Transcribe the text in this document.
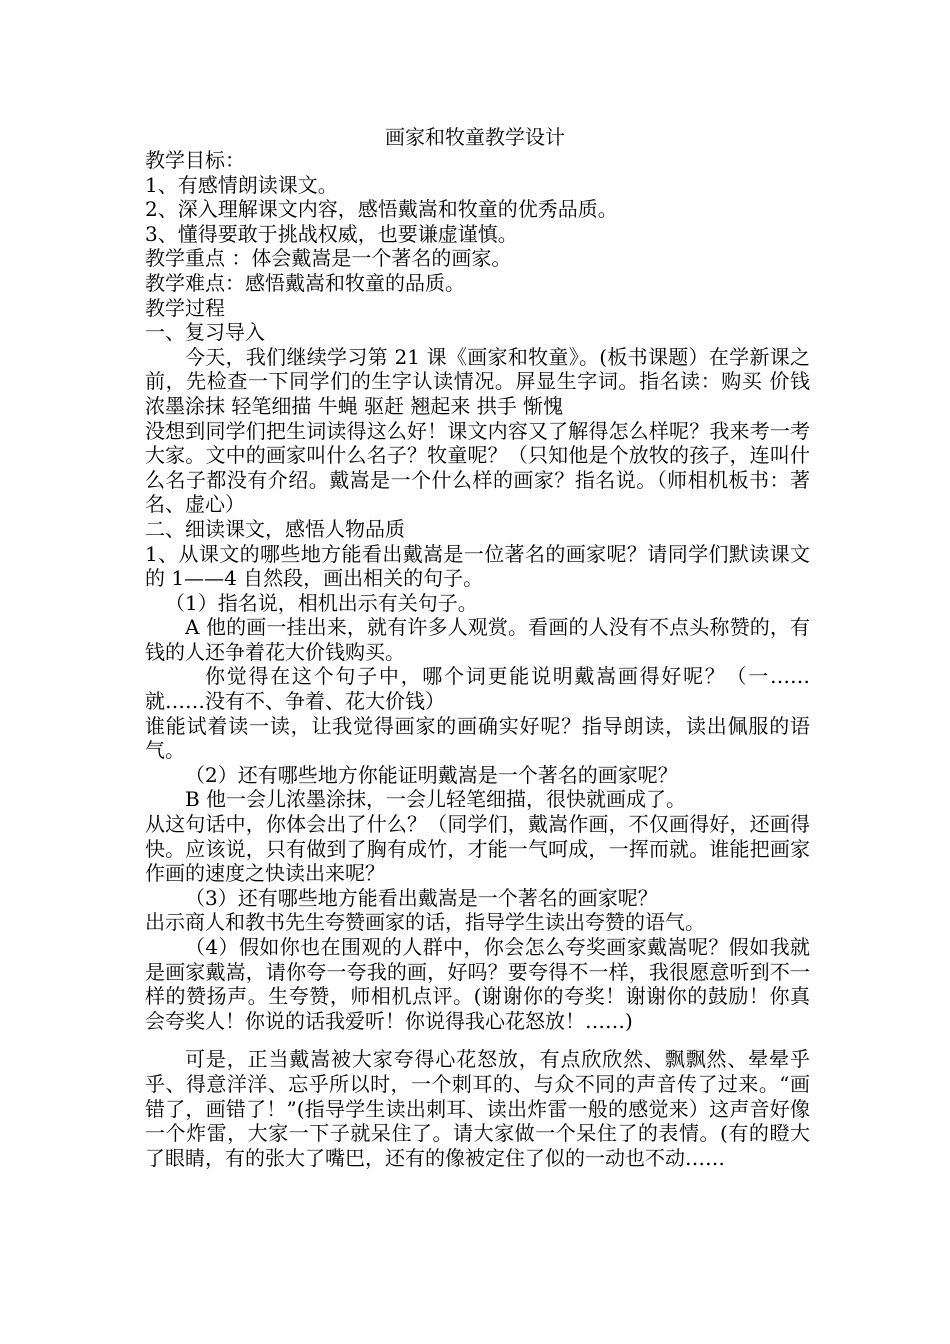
画家和牧童教学设计

教学目标：

1、有感情朗读课文。

2、深入理解课文内容，感悟戴嵩和牧童的优秀品质。

3、懂得要敢于挑战权威，也要谦虚谨慎。

教学重点 ：体会戴嵩是一个著名的画家。

教学难点：感悟戴嵩和牧童的品质。

教学过程

一、复习导入

今天，我们继续学习第 21 课《画家和牧童》。(板书课题）在学新课之前，先检查一下同学们的生字认读情况。屏显生字词。指名读：购买 价钱 浓墨涂抹 轻笔细描 牛蝇 驱赶 翘起来 拱手 惭愧

没想到同学们把生词读得这么好！课文内容又了解得怎么样呢？我来考一考大家。文中的画家叫什么名子？牧童呢？（只知他是个放牧的孩子，连叫什么名子都没有介绍。戴嵩是一个什么样的画家？指名说。（师相机板书：著名、虚心）

二、细读课文，感悟人物品质

1、从课文的哪些地方能看出戴嵩是一位著名的画家呢？请同学们默读课文的 1——4 自然段，画出相关的句子。

（1）指名说，相机出示有关句子。

A 他的画一挂出来，就有许多人观赏。看画的人没有不点头称赞的，有钱的人还争着花大价钱购买。

你觉得在这个句子中，哪个词更能说明戴嵩画得好呢？（一……就……没有不、争着、花大价钱）

谁能试着读一读，让我觉得画家的画确实好呢？指导朗读，读出佩服的语气。

（2）还有哪些地方你能证明戴嵩是一个著名的画家呢？

B 他一会儿浓墨涂抹，一会儿轻笔细描，很快就画成了。

从这句话中，你体会出了什么？（同学们，戴嵩作画，不仅画得好，还画得快。应该说，只有做到了胸有成竹，才能一气呵成，一挥而就。谁能把画家作画的速度之快读出来呢？

（3）还有哪些地方能看出戴嵩是一个著名的画家呢？

出示商人和教书先生夸赞画家的话，指导学生读出夸赞的语气。

（4）假如你也在围观的人群中，你会怎么夸奖画家戴嵩呢？假如我就是画家戴嵩，请你夸一夸我的画，好吗？要夸得不一样，我很愿意听到不一样的赞扬声。生夸赞，师相机点评。(谢谢你的夸奖！谢谢你的鼓励！你真会夸奖人！你说的话我爱听！你说得我心花怒放！……)

可是，正当戴嵩被大家夸得心花怒放，有点欣欣然、飘飘然、晕晕乎乎、得意洋洋、忘乎所以时，一个刺耳的、与众不同的声音传了过来。“画错了，画错了！”(指导学生读出刺耳、读出炸雷一般的感觉来）这声音好像一个炸雷，大家一下子就呆住了。请大家做一个呆住了的表情。(有的瞪大了眼睛，有的张大了嘴巴，还有的像被定住了似的一动也不动……
